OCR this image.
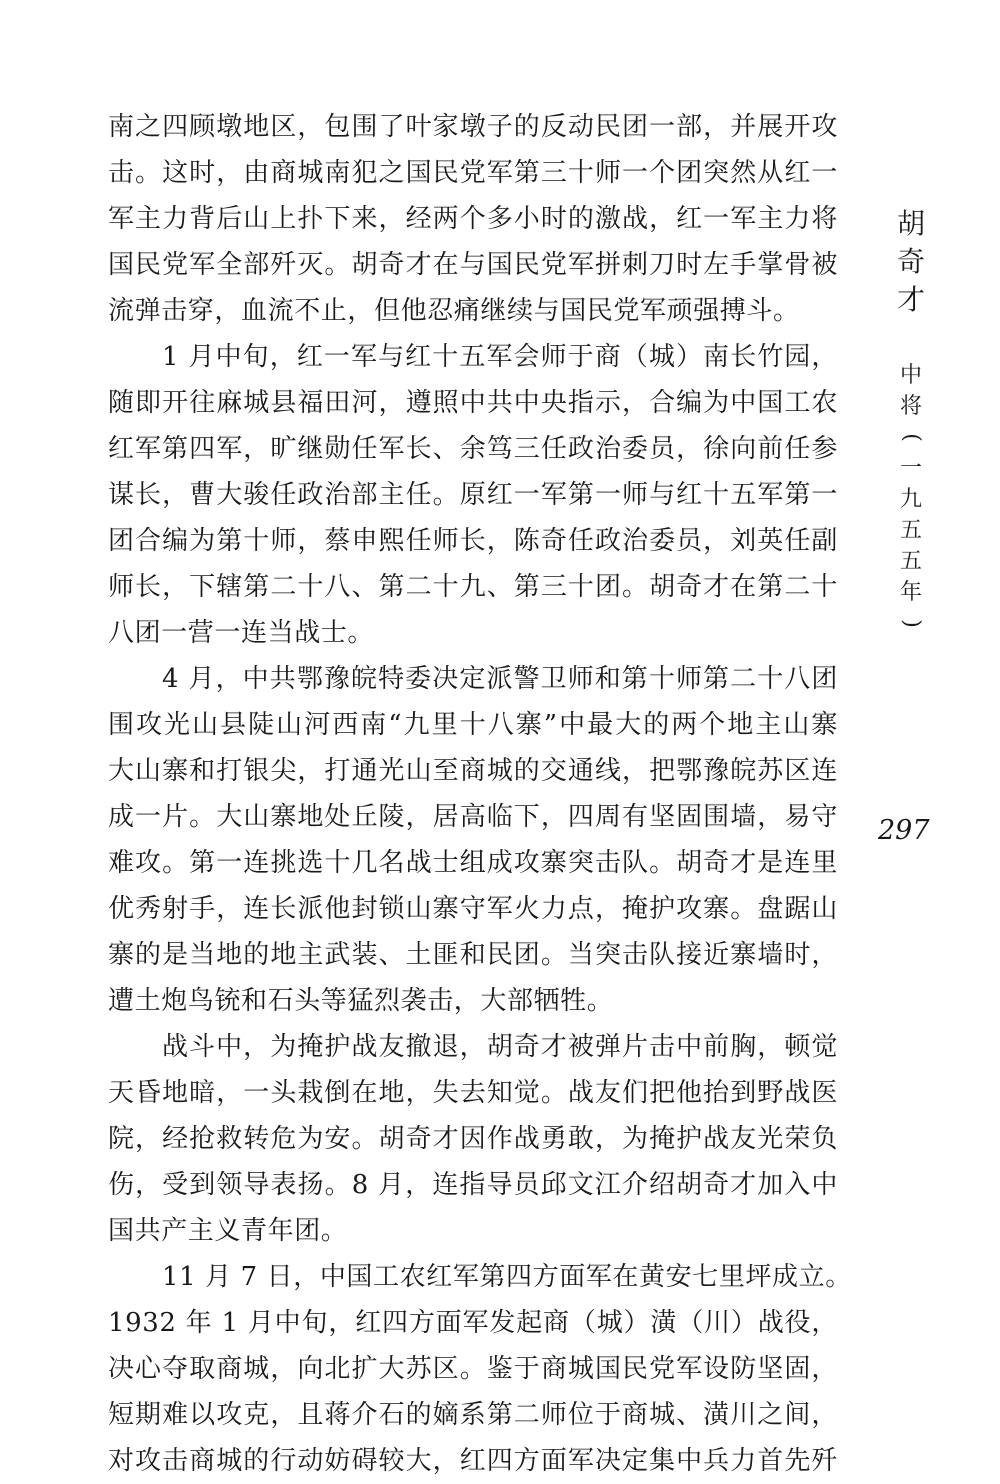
南之四顾墩地区，包围了叶家墩子的反动民团一部，并展开攻
击。这时，由商城南犯之国民党军第三十师一个团突然从红一
军主力背后山上扑下来，经两个多小时的激战，红一军主力将
国民党军全部歼灭。胡奇才在与国民党军拼刺刀时左手掌骨被
流弹击穿，血流不止，但他忍痛继续与国民党军顽强搏斗。
1 月中旬，红一军与红十五军会师于商（城）南长竹园，
随即开往麻城县福田河，遵照中共中央指示，合编为中国工农
红军第四军，旷继勋任军长、余笃三任政治委员，徐向前任参
谋长，曹大骏任政治部主任。原红一军第一师与红十五军第一
团合编为第十师，蔡申熙任师长，陈奇任政治委员，刘英任副
师长，下辖第二十八、第二十九、第三十团。胡奇才在第二十
八团一营一连当战士。
4 月，中共鄂豫皖特委决定派警卫师和第十师第二十八团
围攻光山县陡山河西南“九里十八寨”中最大的两个地主山寨
大山寨和打银尖，打通光山至商城的交通线，把鄂豫皖苏区连
成一片。大山寨地处丘陵，居高临下，四周有坚固围墙，易守
难攻。第一连挑选十几名战士组成攻寨突击队。胡奇才是连里
优秀射手，连长派他封锁山寨守军火力点，掩护攻寨。盘踞山
寨的是当地的地主武装、土匪和民团。当突击队接近寨墙时，
遭土炮鸟铳和石头等猛烈袭击，大部牺牲。
战斗中，为掩护战友撤退，胡奇才被弹片击中前胸，顿觉
天昏地暗，一头栽倒在地，失去知觉。战友们把他抬到野战医
院，经抢救转危为安。胡奇才因作战勇敢，为掩护战友光荣负
伤，受到领导表扬。8 月，连指导员邱文江介绍胡奇才加入中
国共产主义青年团。
11 月 7 日，中国工农红军第四方面军在黄安七里坪成立。
1932 年 1 月中旬，红四方面军发起商（城）潢（川）战役，
决心夺取商城，向北扩大苏区。鉴于商城国民党军设防坚固，
短期难以攻克，且蒋介石的嫡系第二师位于商城、潢川之间，
对攻击商城的行动妨碍较大，红四方面军决定集中兵力首先歼
胡
奇
才
中
将
(
一
九
五
五
年
)
297
